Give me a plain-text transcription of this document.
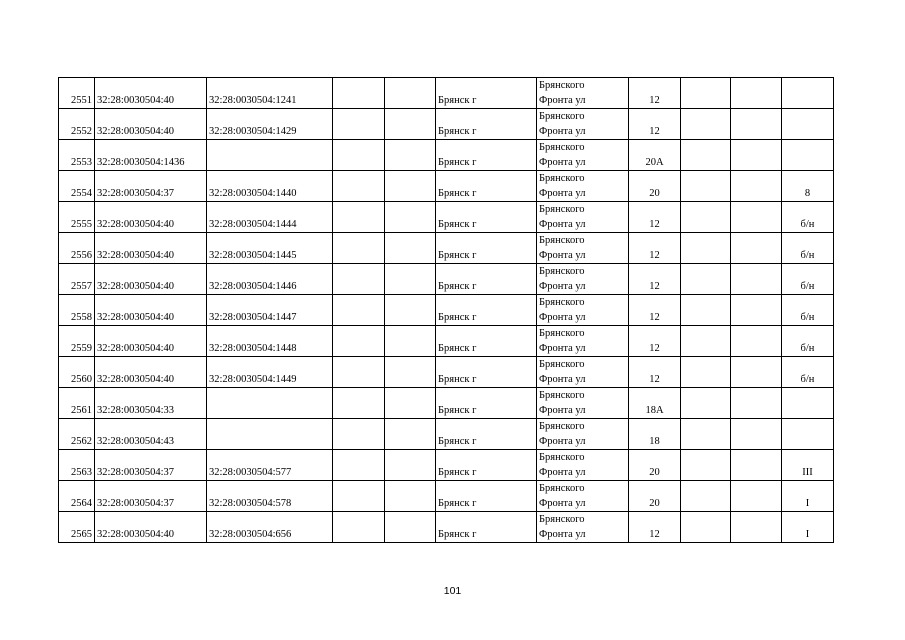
2551	32:28:0030504:40	32:28:0030504:1241			Брянск г	Брянского
Фронта ул	12			
2552	32:28:0030504:40	32:28:0030504:1429			Брянск г	Брянского
Фронта ул	12			
2553	32:28:0030504:1436				Брянск г	Брянского
Фронта ул	20А			
2554	32:28:0030504:37	32:28:0030504:1440			Брянск г	Брянского
Фронта ул	20			8
2555	32:28:0030504:40	32:28:0030504:1444			Брянск г	Брянского
Фронта ул	12			б/н
2556	32:28:0030504:40	32:28:0030504:1445			Брянск г	Брянского
Фронта ул	12			б/н
2557	32:28:0030504:40	32:28:0030504:1446			Брянск г	Брянского
Фронта ул	12			б/н
2558	32:28:0030504:40	32:28:0030504:1447			Брянск г	Брянского
Фронта ул	12			б/н
2559	32:28:0030504:40	32:28:0030504:1448			Брянск г	Брянского
Фронта ул	12			б/н
2560	32:28:0030504:40	32:28:0030504:1449			Брянск г	Брянского
Фронта ул	12			б/н
2561	32:28:0030504:33				Брянск г	Брянского
Фронта ул	18А			
2562	32:28:0030504:43				Брянск г	Брянского
Фронта ул	18			
2563	32:28:0030504:37	32:28:0030504:577			Брянск г	Брянского
Фронта ул	20			III
2564	32:28:0030504:37	32:28:0030504:578			Брянск г	Брянского
Фронта ул	20			I
2565	32:28:0030504:40	32:28:0030504:656			Брянск г	Брянского
Фронта ул	12			I
101
